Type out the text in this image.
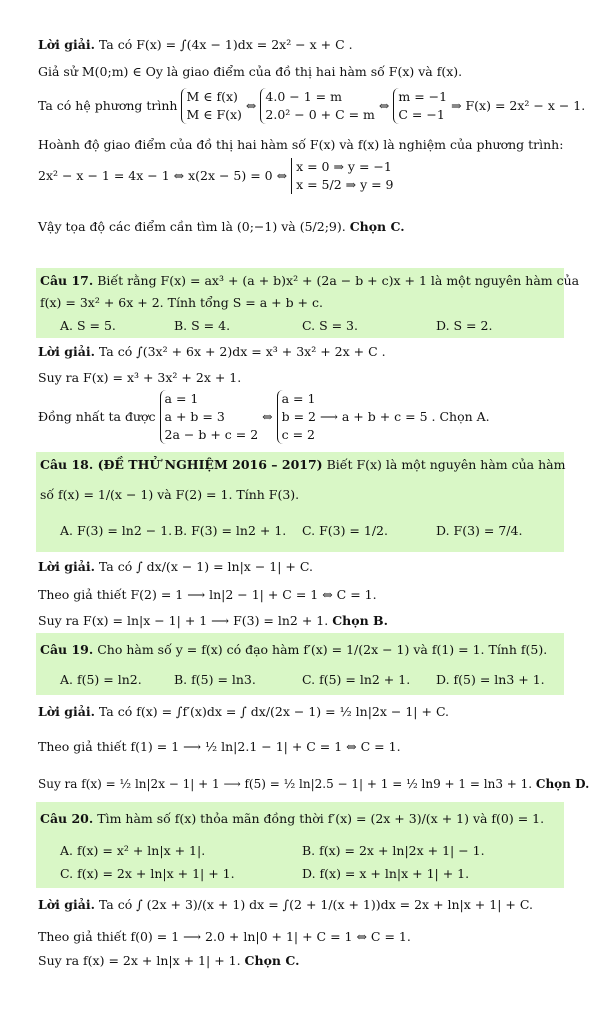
Lời giải. Ta có F(x) = ∫(4x − 1)dx = 2x² − x + C .
Giả sử M(0;m) ∈ Oy là giao điểm của đồ thị hai hàm số F(x) và f(x).
Ta có hệ phương trình
M ∈ f(x)
M ∈ F(x)
⇔
4.0 − 1 = m
2.0² − 0 + C = m
⇔
m = −1
C = −1
⇒ F(x) = 2x² − x − 1.
Hoành độ giao điểm của đồ thị hai hàm số F(x) và f(x) là nghiệm của phương trình:
2x² − x − 1 = 4x − 1 ⇔ x(2x − 5) = 0 ⇔
x = 0 ⇒ y = −1
x = 5/2 ⇒ y = 9
Vậy tọa độ các điểm cần tìm là (0;−1) và (5/2;9). Chọn C.
Câu 17. Biết rằng F(x) = ax³ + (a + b)x² + (2a − b + c)x + 1 là một nguyên hàm của
f(x) = 3x² + 6x + 2. Tính tổng S = a + b + c.
A. S = 5.	B. S = 4.	C. S = 3.	D. S = 2.
Lời giải. Ta có ∫(3x² + 6x + 2)dx = x³ + 3x² + 2x + C .
Suy ra F(x) = x³ + 3x² + 2x + 1.
Đồng nhất ta được
a = 1
a + b = 3
2a − b + c = 2
⇔
a = 1
b = 2
c = 2
⟶ a + b + c = 5 . Chọn A.
Câu 18. (ĐỀ THỬ NGHIỆM 2016 – 2017) Biết F(x) là một nguyên hàm của hàm
số f(x) = 1/(x − 1) và F(2) = 1. Tính F(3).
A. F(3) = ln2 − 1. B. F(3) = ln2 + 1. C. F(3) = 1/2.	D. F(3) = 7/4.
Lời giải. Ta có ∫ dx/(x − 1) = ln|x − 1| + C.
Theo giả thiết F(2) = 1 ⟶ ln|2 − 1| + C = 1 ⇔ C = 1.
Suy ra F(x) = ln|x − 1| + 1 ⟶ F(3) = ln2 + 1. Chọn B.
Câu 19. Cho hàm số y = f(x) có đạo hàm f′(x) = 1/(2x − 1) và f(1) = 1. Tính f(5).
A. f(5) = ln2.	B. f(5) = ln3.	C. f(5) = ln2 + 1. D. f(5) = ln3 + 1.
Lời giải. Ta có f(x) = ∫f′(x)dx = ∫ dx/(2x − 1) = ½ ln|2x − 1| + C.
Theo giả thiết f(1) = 1 ⟶ ½ ln|2.1 − 1| + C = 1 ⇔ C = 1.
Suy ra f(x) = ½ ln|2x − 1| + 1 ⟶ f(5) = ½ ln|2.5 − 1| + 1 = ½ ln9 + 1 = ln3 + 1. Chọn D.
Câu 20. Tìm hàm số f(x) thỏa mãn đồng thời f′(x) = (2x + 3)/(x + 1) và f(0) = 1.
A. f(x) = x² + ln|x + 1|.	B. f(x) = 2x + ln|2x + 1| − 1.
C. f(x) = 2x + ln|x + 1| + 1.	D. f(x) = x + ln|x + 1| + 1.
Lời giải. Ta có ∫ (2x + 3)/(x + 1) dx = ∫(2 + 1/(x + 1))dx = 2x + ln|x + 1| + C.
Theo giả thiết f(0) = 1 ⟶ 2.0 + ln|0 + 1| + C = 1 ⇔ C = 1.
Suy ra f(x) = 2x + ln|x + 1| + 1. Chọn C.
